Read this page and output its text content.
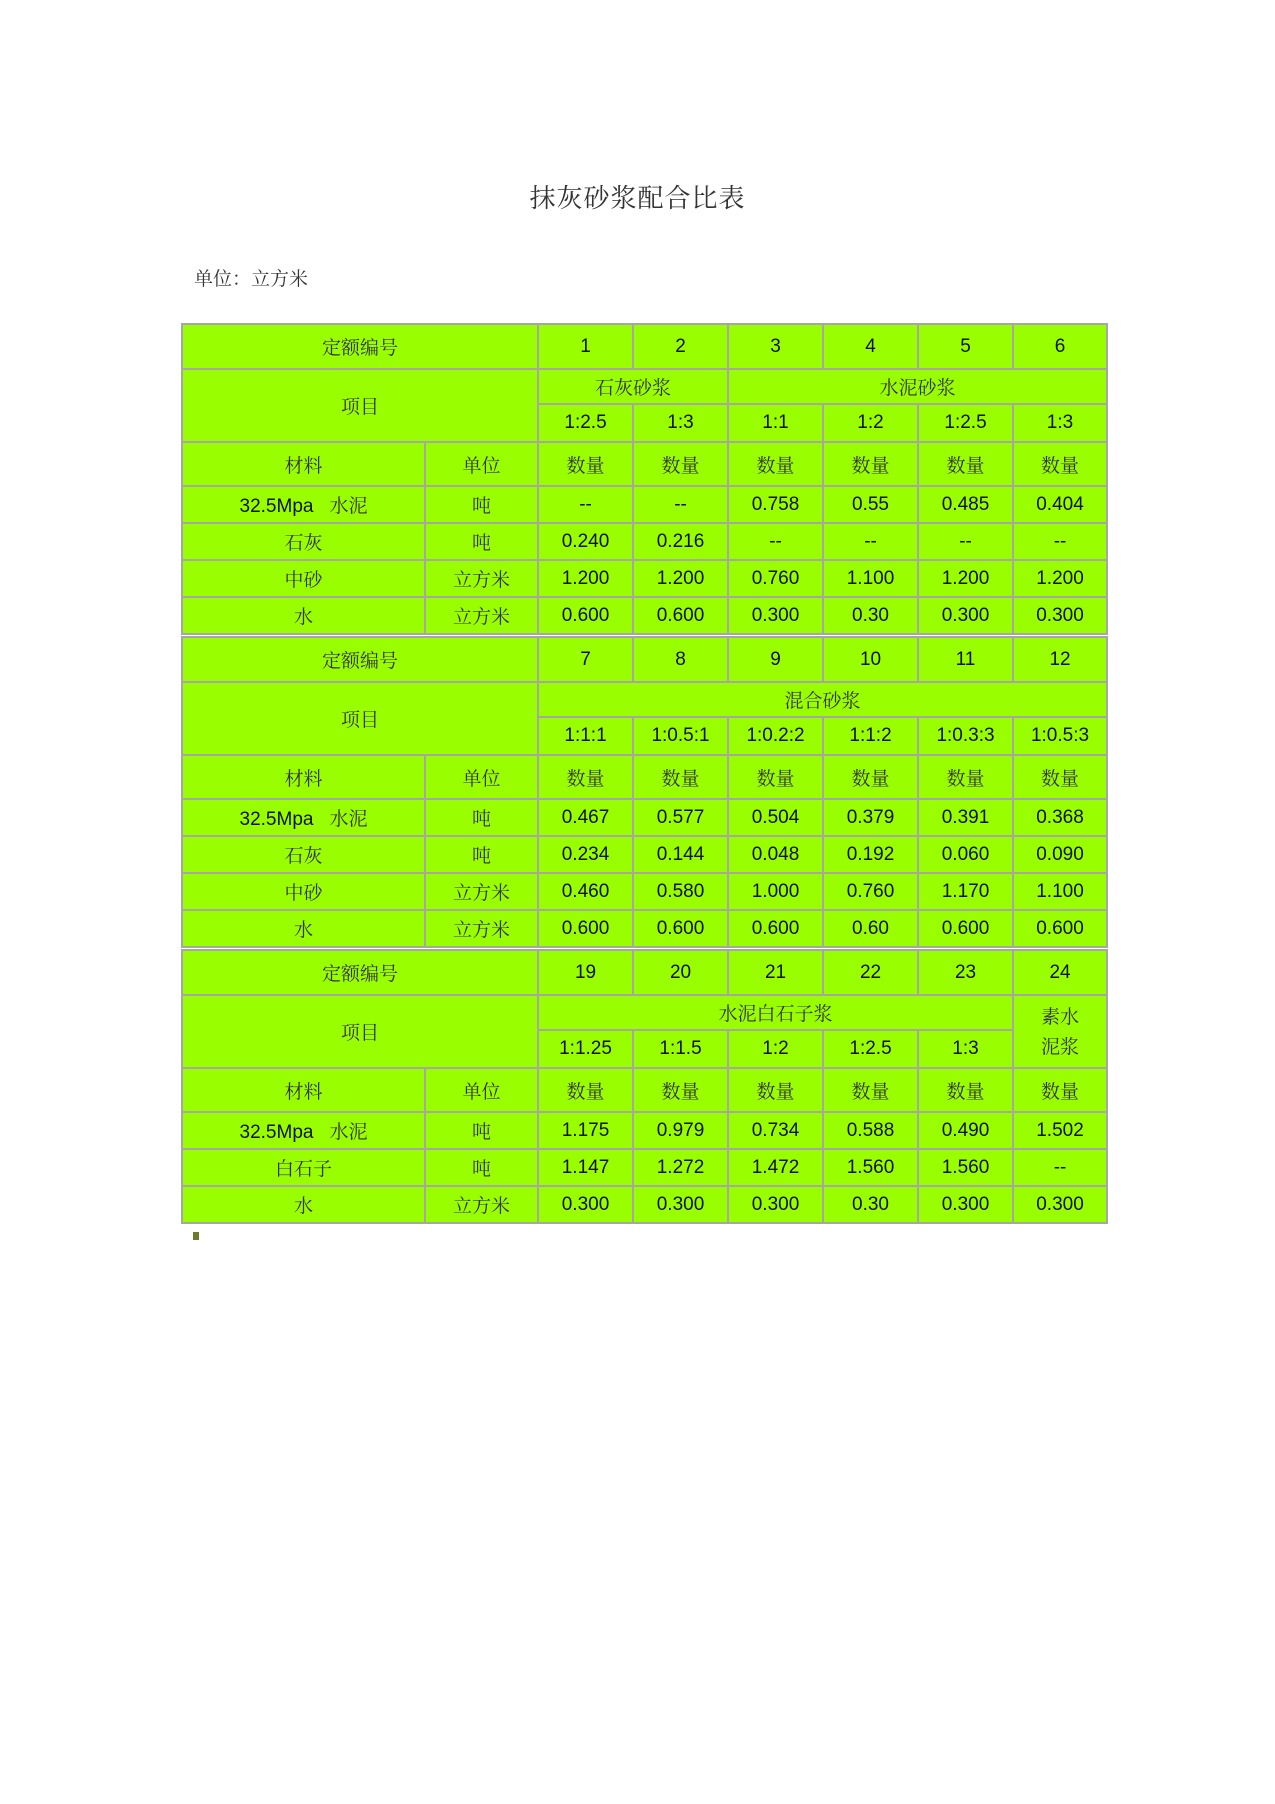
抹灰砂浆配合比表
单位：立方米
定额编号		1	2	3	4	5	6
项目		石灰砂浆		水泥砂浆			
		1:2.5	1:3	1:1	1:2	1:2.5	1:3
材料	单位	数量	数量	数量	数量	数量	数量
32.5Mpa 水泥	吨	--	--	0.758	0.55	0.485	0.404
石灰	吨	0.240	0.216	--	--	--	--
中砂	立方米	1.200	1.200	0.760	1.100	1.200	1.200
水	立方米	0.600	0.600	0.300	0.30	0.300	0.300
定额编号		7	8	9	10	11	12
项目		混合砂浆					
		1:1:1	1:0.5:1	1:0.2:2	1:1:2	1:0.3:3	1:0.5:3
材料	单位	数量	数量	数量	数量	数量	数量
32.5Mpa 水泥	吨	0.467	0.577	0.504	0.379	0.391	0.368
石灰	吨	0.234	0.144	0.048	0.192	0.060	0.090
中砂	立方米	0.460	0.580	1.000	0.760	1.170	1.100
水	立方米	0.600	0.600	0.600	0.60	0.600	0.600
定额编号		19	20	21	22	23	24
项目		水泥白石子浆					素水
泥浆

		1:1.25	1:1.5	1:2	1:2.5	1:3	
材料	单位	数量	数量	数量	数量	数量	数量
32.5Mpa 水泥	吨	1.175	0.979	0.734	0.588	0.490	1.502
白石子	吨	1.147	1.272	1.472	1.560	1.560	--
水	立方米	0.300	0.300	0.300	0.30	0.300	0.300
